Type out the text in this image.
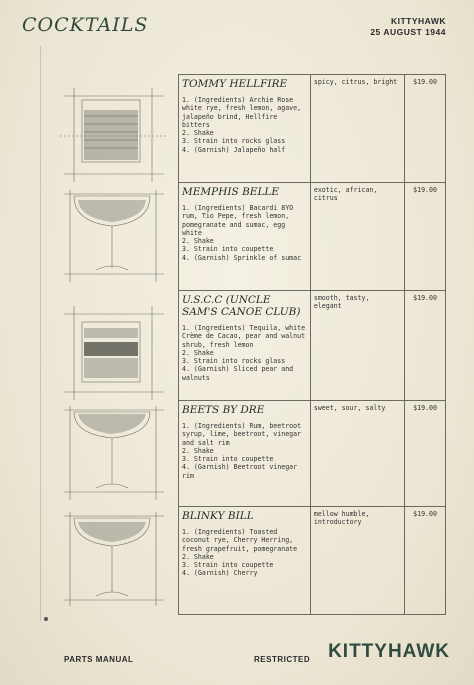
COCKTAILS	KITTYHAWK
25 AUGUST 1944
TOMMY HELLFIRE
1. (Ingredients) Archie Rose white rye, fresh lemon, agave, jalapeño brind, Hellfire bitters
2. Shake
3. Strain into rocks glass
4. (Garnish) Jalapeño half	spicy, citrus, bright	$19.00

MEMPHIS BELLE
1. (Ingredients) Bacardi 8YO rum, Tio Pepe, fresh lemon, pomegranate and sumac, egg white
2. Shake
3. Strain into coupette
4. (Garnish) Sprinkle of sumac	exotic, african, citrus	$19.00

U.S.C.C (UNCLE SAM'S CANOE CLUB)
1. (Ingredients) Tequila, white Crème de Cacao, pear and walnut shrub, fresh lemon
2. Shake
3. Strain into rocks glass
4. (Garnish) Sliced pear and walnuts	smooth, tasty, elegant	$19.00

BEETS BY DRE
1. (Ingredients) Rum, beetroot syrup, lime, beetroot, vinegar and salt rim
2. Shake
3. Strain into coupette
4. (Garnish) Beetroot vinegar rim	sweet, sour, salty	$19.00

BLINKY BILL
1. (Ingredients) Toasted coconut rye, Cherry Herring, fresh grapefruit, pomegranate
2. Shake
3. Strain into coupette
4. (Garnish) Cherry	mellow humble, introductory	$19.00
PARTS MANUAL	RESTRICTED KITTYHAWK
